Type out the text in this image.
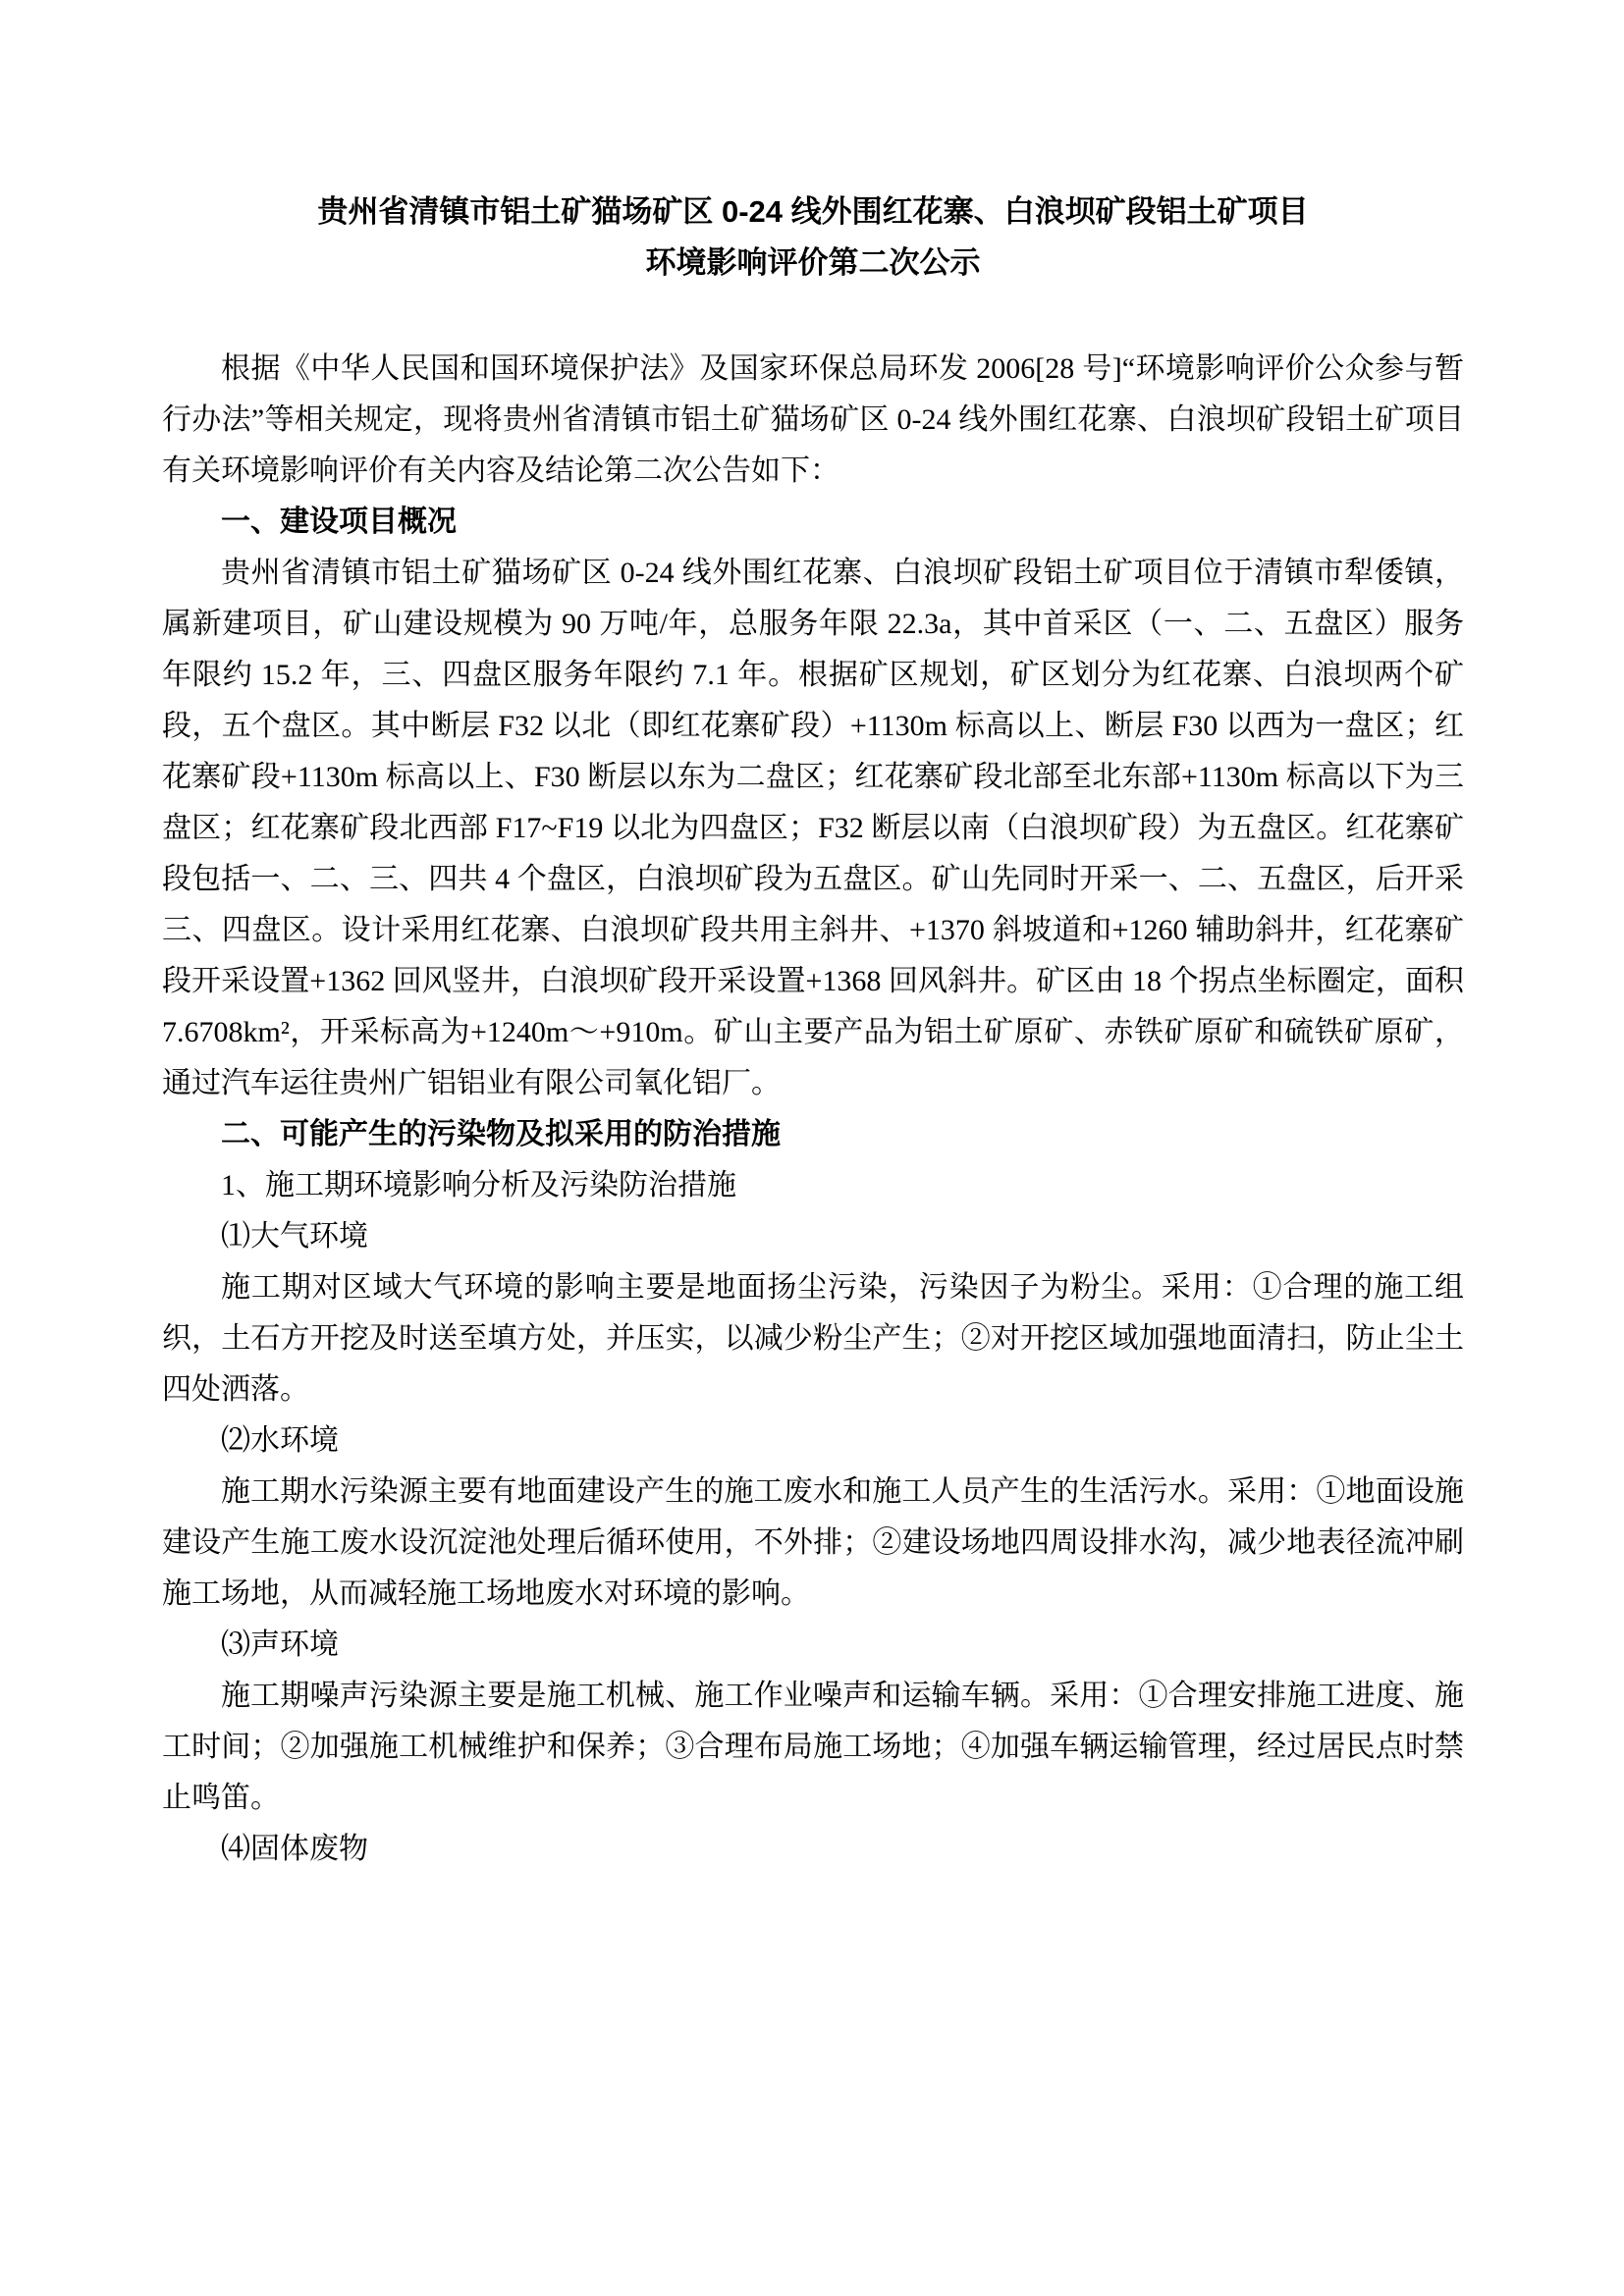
贵州省清镇市铝土矿猫场矿区 0-24 线外围红花寨、白浪坝矿段铝土矿项目
环境影响评价第二次公示

根据《中华人民国和国环境保护法》及国家环保总局环发 2006[28 号]“环境影响评价公众参与暂行办法”等相关规定，现将贵州省清镇市铝土矿猫场矿区 0-24 线外围红花寨、白浪坝矿段铝土矿项目有关环境影响评价有关内容及结论第二次公告如下：

一、建设项目概况

贵州省清镇市铝土矿猫场矿区 0-24 线外围红花寨、白浪坝矿段铝土矿项目位于清镇市犁倭镇，属新建项目，矿山建设规模为 90 万吨/年，总服务年限 22.3a，其中首采区（一、二、五盘区）服务年限约 15.2 年，三、四盘区服务年限约 7.1 年。根据矿区规划，矿区划分为红花寨、白浪坝两个矿段，五个盘区。其中断层 F32 以北（即红花寨矿段）+1130m 标高以上、断层 F30 以西为一盘区；红花寨矿段+1130m 标高以上、F30 断层以东为二盘区；红花寨矿段北部至北东部+1130m 标高以下为三盘区；红花寨矿段北西部 F17~F19 以北为四盘区；F32 断层以南（白浪坝矿段）为五盘区。红花寨矿段包括一、二、三、四共 4 个盘区，白浪坝矿段为五盘区。矿山先同时开采一、二、五盘区，后开采三、四盘区。设计采用红花寨、白浪坝矿段共用主斜井、+1370 斜坡道和+1260 辅助斜井，红花寨矿段开采设置+1362 回风竖井，白浪坝矿段开采设置+1368 回风斜井。矿区由 18 个拐点坐标圈定，面积 7.6708km²，开采标高为+1240m～+910m。矿山主要产品为铝土矿原矿、赤铁矿原矿和硫铁矿原矿，通过汽车运往贵州广铝铝业有限公司氧化铝厂。

二、可能产生的污染物及拟采用的防治措施

1、施工期环境影响分析及污染防治措施

⑴大气环境

施工期对区域大气环境的影响主要是地面扬尘污染，污染因子为粉尘。采用：①合理的施工组织，土石方开挖及时送至填方处，并压实，以减少粉尘产生；②对开挖区域加强地面清扫，防止尘土四处洒落。

⑵水环境

施工期水污染源主要有地面建设产生的施工废水和施工人员产生的生活污水。采用：①地面设施建设产生施工废水设沉淀池处理后循环使用，不外排；②建设场地四周设排水沟，减少地表径流冲刷施工场地，从而减轻施工场地废水对环境的影响。

⑶声环境

施工期噪声污染源主要是施工机械、施工作业噪声和运输车辆。采用：①合理安排施工进度、施工时间；②加强施工机械维护和保养；③合理布局施工场地；④加强车辆运输管理，经过居民点时禁止鸣笛。

⑷固体废物
